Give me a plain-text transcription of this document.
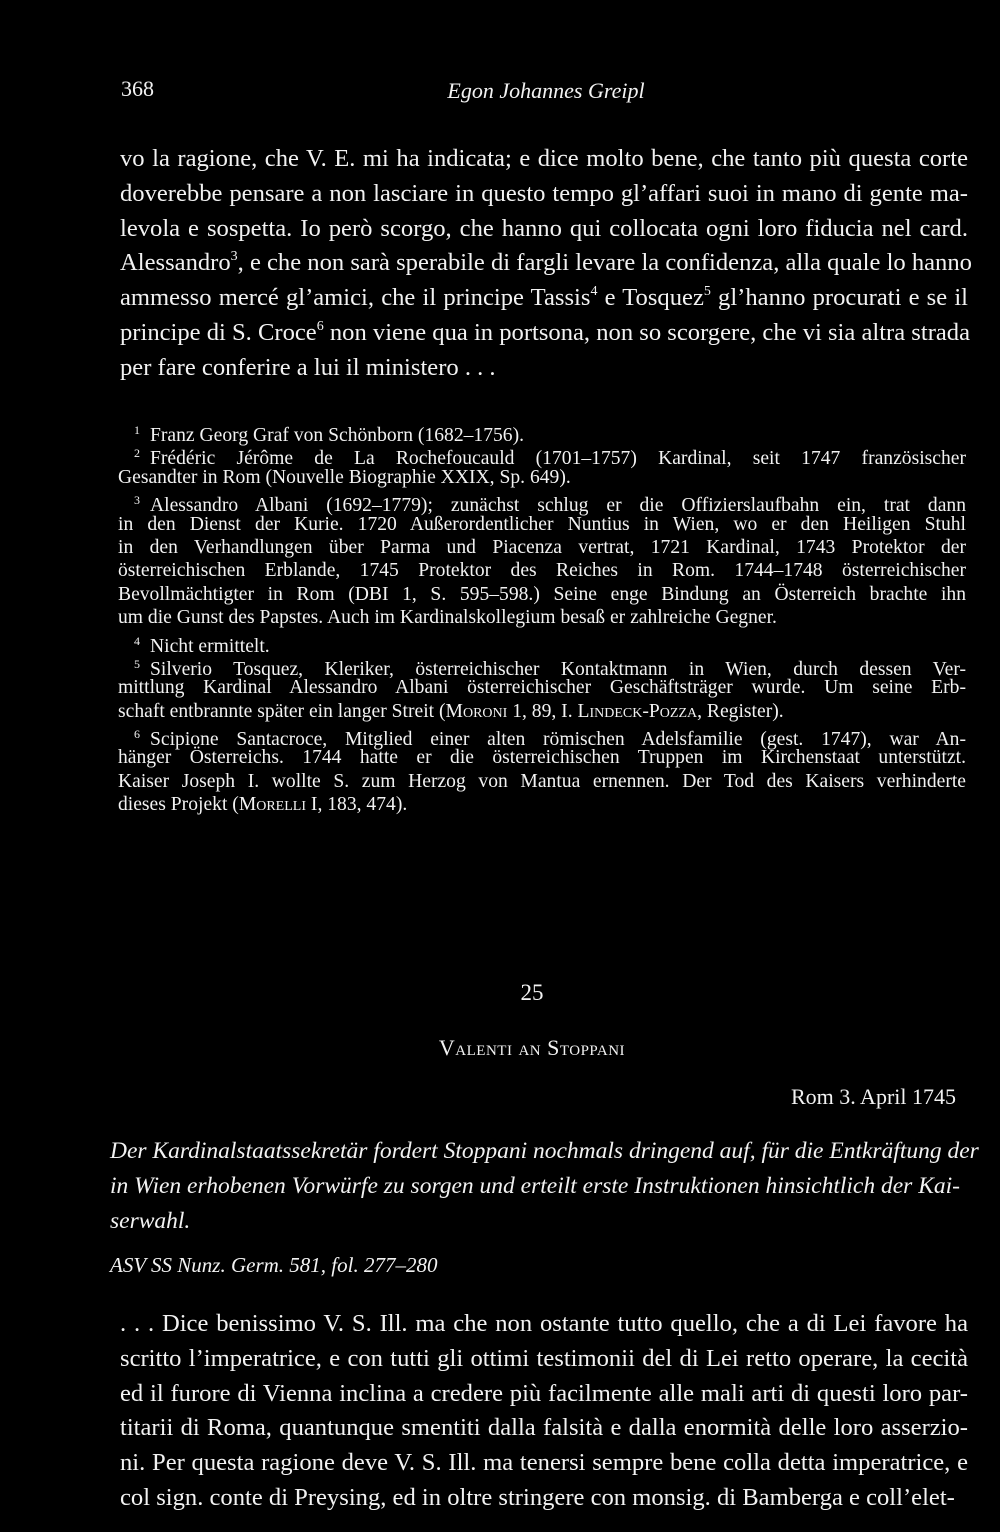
368	Egon Johannes Greipl
vo la ragione, che V. E. mi ha indicata; e dice molto bene, che tanto più questa corte
doverebbe pensare a non lasciare in questo tempo gl’affari suoi in mano di gente ma-
levola e sospetta. Io però scorgo, che hanno qui collocata ogni loro fiducia nel card.
Alessandro$^3$, e che non sarà sperabile di fargli levare la confidenza, alla quale lo hanno
ammesso mercé gl’amici, che il principe Tassis$^4$ e Tosquez$^5$ gl’hanno procurati e se il
principe di S. Croce$^6$ non viene qua in portsona, non so scorgere, che vi sia altra strada
per fare conferire a lui il ministero . . .
$^1$ Franz Georg Graf von Schönborn (1682–1756).
$^2$ Frédéric Jérôme de La Rochefoucauld (1701–1757) Kardinal, seit 1747 französischer
Gesandter in Rom (Nouvelle Biographie XXIX, Sp. 649).
$^3$ Alessandro Albani (1692–1779); zunächst schlug er die Offizierslaufbahn ein, trat dann
in den Dienst der Kurie. 1720 Außerordentlicher Nuntius in Wien, wo er den Heiligen Stuhl
in den Verhandlungen über Parma und Piacenza vertrat, 1721 Kardinal, 1743 Protektor der
österreichischen Erblande, 1745 Protektor des Reiches in Rom. 1744–1748 österreichischer
Bevollmächtigter in Rom (DBI 1, S. 595–598.) Seine enge Bindung an Österreich brachte ihn
um die Gunst des Papstes. Auch im Kardinalskollegium besaß er zahlreiche Gegner.
$^4$ Nicht ermittelt.
$^5$ Silverio Tosquez, Kleriker, österreichischer Kontaktmann in Wien, durch dessen Ver-
mittlung Kardinal Alessandro Albani österreichischer Geschäftsträger wurde. Um seine Erb-
schaft entbrannte später ein langer Streit (Moroni 1, 89, I. Lindeck-Pozza, Register).
$^6$ Scipione Santacroce, Mitglied einer alten römischen Adelsfamilie (gest. 1747), war An-
hänger Österreichs. 1744 hatte er die österreichischen Truppen im Kirchenstaat unterstützt.
Kaiser Joseph I. wollte S. zum Herzog von Mantua ernennen. Der Tod des Kaisers verhinderte
dieses Projekt (Morelli I, 183, 474).
25
Valenti an Stoppani
Rom 3. April 1745
Der Kardinalstaatssekretär fordert Stoppani nochmals dringend auf, für die Entkräftung der
in Wien erhobenen Vorwürfe zu sorgen und erteilt erste Instruktionen hinsichtlich der Kai-
serwahl.
ASV SS Nunz. Germ. 581, fol. 277–280
. . . Dice benissimo V. S. Ill. ma che non ostante tutto quello, che a di Lei favore ha
scritto l’imperatrice, e con tutti gli ottimi testimonii del di Lei retto operare, la cecità
ed il furore di Vienna inclina a credere più facilmente alle mali arti di questi loro par-
titarii di Roma, quantunque smentiti dalla falsità e dalla enormità delle loro asserzio-
ni. Per questa ragione deve V. S. Ill. ma tenersi sempre bene colla detta imperatrice, e
col sign. conte di Preysing, ed in oltre stringere con monsig. di Bamberga e coll’elet-
